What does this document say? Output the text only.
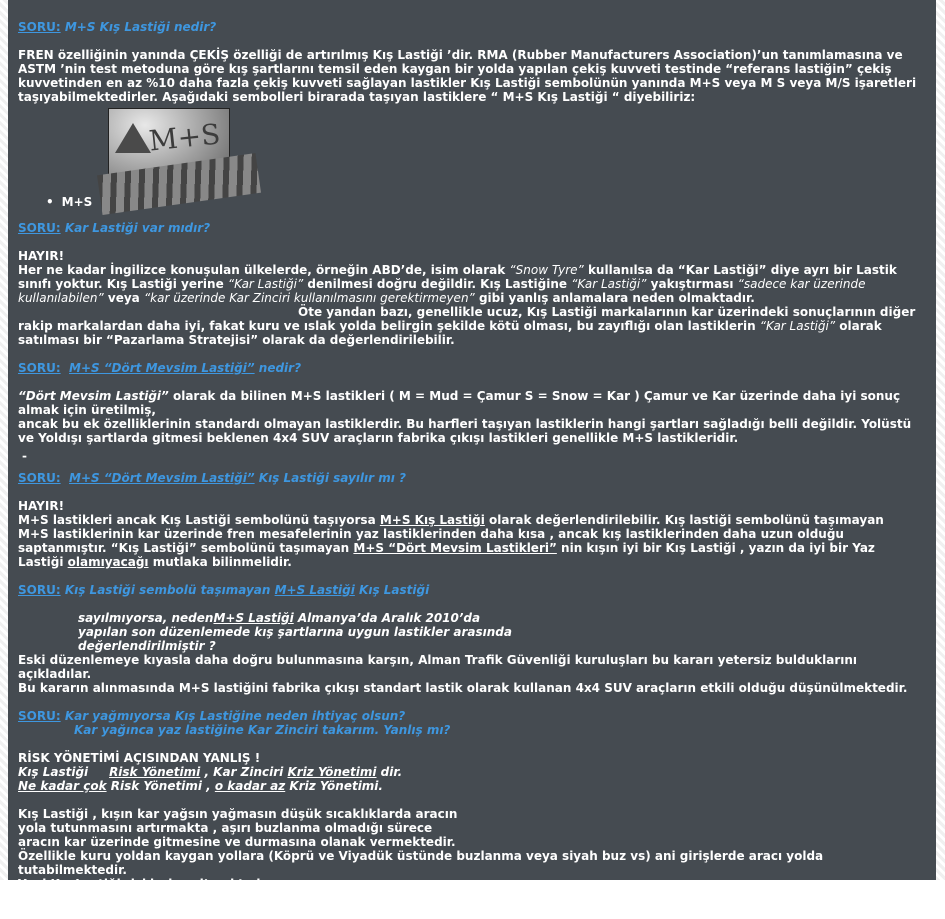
SORU: M+S Kış Lastiği nedir?

FREN özelliğinin yanında ÇEKİŞ özelliği de artırılmış Kış Lastiği ’dir. RMA (Rubber Manufacturers Association)’un tanımlamasına ve ASTM ’nin test metoduna göre kış şartlarını temsil eden kaygan bir yolda yapılan çekiş kuvveti testinde “referans lastiğin” çekiş kuvvetinden en az %10 daha fazla çekiş kuvveti sağlayan lastikler Kış Lastiği sembolünün yanında M+S veya M S veya M/S işaretleri taşıyabilmektedirler. Aşağıdaki sembolleri birarada taşıyan lastiklere “ M+S Kış Lastiği “ diyebiliriz:

M+S

• M+S

SORU: Kar Lastiği var mıdır?

HAYIR!

Her ne kadar İngilizce konuşulan ülkelerde, örneğin ABD’de, isim olarak “Snow Tyre” kullanılsa da “Kar Lastiği” diye ayrı bir Lastik sınıfı yoktur. Kış Lastiği yerine “Kar Lastiği” denilmesi doğru değildir. Kış Lastiğine “Kar Lastiği” yakıştırması “sadece kar üzerinde kullanılabilen” veya “kar üzerinde Kar Zinciri kullanılmasını gerektirmeyen” gibi yanlış anlamalara neden olmaktadır.

Öte yandan bazı, genellikle ucuz, Kış Lastiği markalarının kar üzerindeki sonuçlarının diğer rakip markalardan daha iyi, fakat kuru ve ıslak yolda belirgin şekilde kötü olması, bu zayıflığı olan lastiklerin “Kar Lastiği” olarak satılması bir “Pazarlama Stratejisi” olarak da değerlendirilebilir.

SORU: M+S “Dört Mevsim Lastiği” nedir?

“Dört Mevsim Lastiği” olarak da bilinen M+S lastikleri ( M = Mud = Çamur S = Snow = Kar ) Çamur ve Kar üzerinde daha iyi sonuç almak için üretilmiş,

ancak bu ek özelliklerinin standardı olmayan lastiklerdir. Bu harfleri taşıyan lastiklerin hangi şartları sağladığı belli değildir. Yolüstü ve Yoldışı şartlarda gitmesi beklenen 4x4 SUV araçların fabrika çıkışı lastikleri genellikle M+S lastikleridir.

-

SORU: M+S “Dört Mevsim Lastiği” Kış Lastiği sayılır mı ?

HAYIR!

M+S lastikleri ancak Kış Lastiği sembolünü taşıyorsa M+S Kış Lastiği olarak değerlendirilebilir. Kış lastiği sembolünü taşımayan M+S lastiklerinin kar üzerinde fren mesafelerinin yaz lastiklerinden daha kısa , ancak kış lastiklerinden daha uzun olduğu saptanmıştır. “Kış Lastiği” sembolünü taşımayan M+S “Dört Mevsim Lastikleri” nin kışın iyi bir Kış Lastiği , yazın da iyi bir Yaz Lastiği olamıyacağı mutlaka bilinmelidir.

SORU: Kış Lastiği sembolü taşımayan M+S Lastiği Kış Lastiği

sayılmıyorsa, nedenM+S Lastiği Almanya’da Aralık 2010’da

yapılan son düzenlemede kış şartlarına uygun lastikler arasında

değerlendirilmiştir ?

Eski düzenlemeye kıyasla daha doğru bulunmasına karşın, Alman Trafik Güvenliği kuruluşları bu kararı yetersiz bulduklarını açıkladılar.

Bu kararın alınmasında M+S lastiğini fabrika çıkışı standart lastik olarak kullanan 4x4 SUV araçların etkili olduğu düşünülmektedir.

SORU: Kar yağmıyorsa Kış Lastiğine neden ihtiyaç olsun?

Kar yağınca yaz lastiğine Kar Zinciri takarım. Yanlış mı?

RİSK YÖNETİMİ AÇISINDAN YANLIŞ !

Kış Lastiği Risk Yönetimi , Kar Zinciri Kriz Yönetimi dir.

Ne kadar çok Risk Yönetimi , o kadar az Kriz Yönetimi.

Kış Lastiği , kışın kar yağsın yağmasın düşük sıcaklıklarda aracın

yola tutunmasını artırmakta , aşırı buzlanma olmadığı sürece

aracın kar üzerinde gitmesine ve durmasına olanak vermektedir.

Özellikle kuru yoldan kaygan yollara (Köprü ve Viyadük üstünde buzlanma veya siyah buz vs) ani girişlerde aracı yolda tutabilmektedir.

Yani Kış Lastiği riskleri azaltmaktadır.

Yaz Lastiği ise aynı şartlarda ve özellikle ani zemin değişikliklerinde aracı yolda tutamamaktadır.Kış Lastiğine göre çok daha erken ve sık Kar Zinciri takma ihtiyacı duymakta ,zincir takıldığında yavaş gitmek ve kuru zeminde ise çıkarılmak zorundadır.
